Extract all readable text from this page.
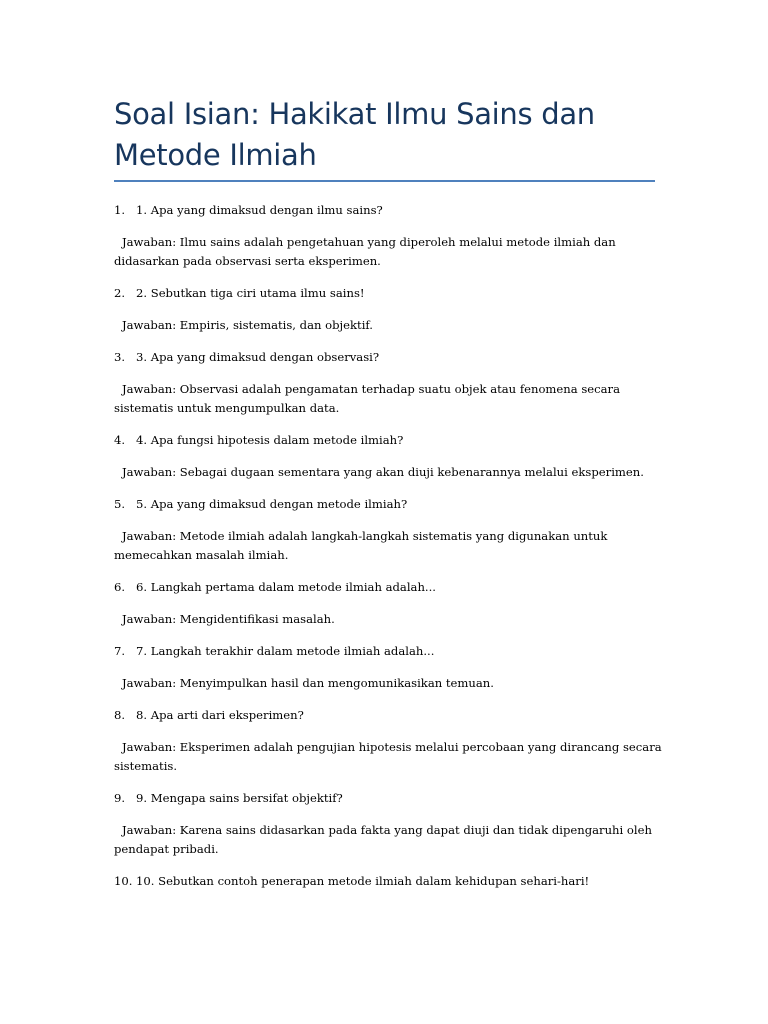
Soal Isian: Hakikat Ilmu Sains dan Metode Ilmiah
1. 1. Apa yang dimaksud dengan ilmu sains?

Jawaban: Ilmu sains adalah pengetahuan yang diperoleh melalui metode ilmiah dan didasarkan pada observasi serta eksperimen.

2. 2. Sebutkan tiga ciri utama ilmu sains!

Jawaban: Empiris, sistematis, dan objektif.

3. 3. Apa yang dimaksud dengan observasi?

Jawaban: Observasi adalah pengamatan terhadap suatu objek atau fenomena secara sistematis untuk mengumpulkan data.

4. 4. Apa fungsi hipotesis dalam metode ilmiah?

Jawaban: Sebagai dugaan sementara yang akan diuji kebenarannya melalui eksperimen.

5. 5. Apa yang dimaksud dengan metode ilmiah?

Jawaban: Metode ilmiah adalah langkah-langkah sistematis yang digunakan untuk memecahkan masalah ilmiah.

6. 6. Langkah pertama dalam metode ilmiah adalah...

Jawaban: Mengidentifikasi masalah.

7. 7. Langkah terakhir dalam metode ilmiah adalah...

Jawaban: Menyimpulkan hasil dan mengomunikasikan temuan.

8. 8. Apa arti dari eksperimen?

Jawaban: Eksperimen adalah pengujian hipotesis melalui percobaan yang dirancang secara sistematis.

9. 9. Mengapa sains bersifat objektif?

Jawaban: Karena sains didasarkan pada fakta yang dapat diuji dan tidak dipengaruhi oleh pendapat pribadi.

10. 10. Sebutkan contoh penerapan metode ilmiah dalam kehidupan sehari-hari!
